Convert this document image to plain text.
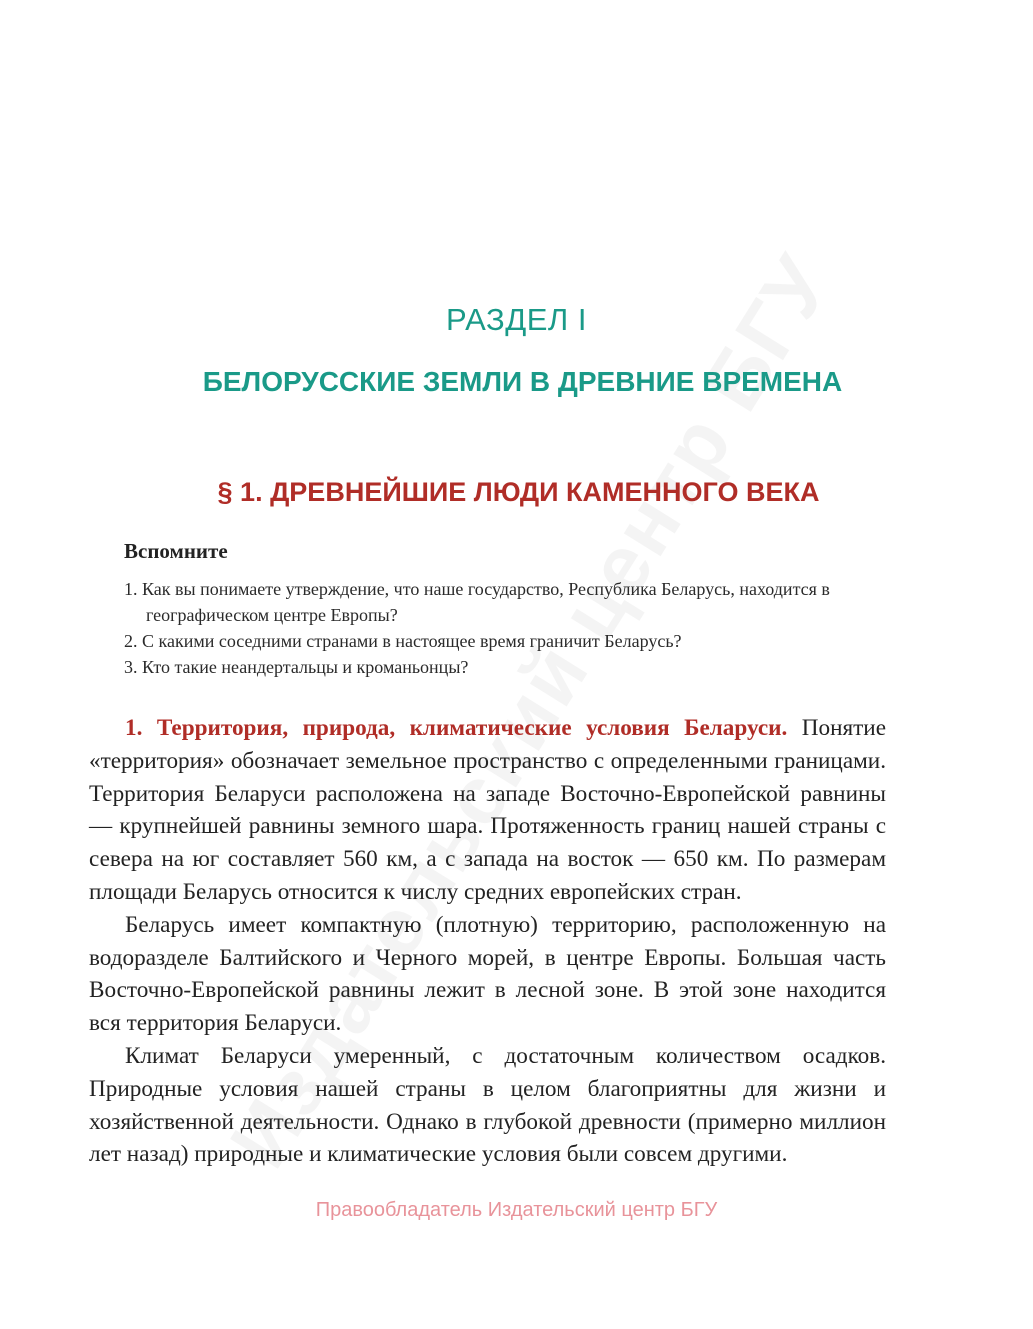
РАЗДЕЛ I
БЕЛОРУССКИЕ ЗЕМЛИ В ДРЕВНИЕ ВРЕМЕНА
§ 1. ДРЕВНЕЙШИЕ ЛЮДИ КАМЕННОГО ВЕКА
Вспомните
1. Как вы понимаете утверждение, что наше государство, Республика Беларусь, находится в географическом центре Европы?
2. С какими соседними странами в настоящее время граничит Беларусь?
3. Кто такие неандертальцы и кроманьонцы?

1. Территория, природа, климатические условия Беларуси. Понятие «территория» обозначает земельное пространство с определенными границами. Территория Беларуси расположена на западе Восточно-Европейской равнины — крупнейшей равнины земного шара. Протяженность границ нашей страны с севера на юг составляет 560 км, а с запада на восток — 650 км. По размерам площади Беларусь относится к числу средних европейских стран.

Беларусь имеет компактную (плотную) территорию, расположенную на водоразделе Балтийского и Черного морей, в центре Европы. Большая часть Восточно-Европейской равнины лежит в лесной зоне. В этой зоне находится вся территория Беларуси.

Климат Беларуси умеренный, с достаточным количеством осадков. Природные условия нашей страны в целом благоприятны для жизни и хозяйственной деятельности. Однако в глубокой древности (примерно миллион лет назад) природные и климатические условия были совсем другими.

Правообладатель Издательский центр БГУ
